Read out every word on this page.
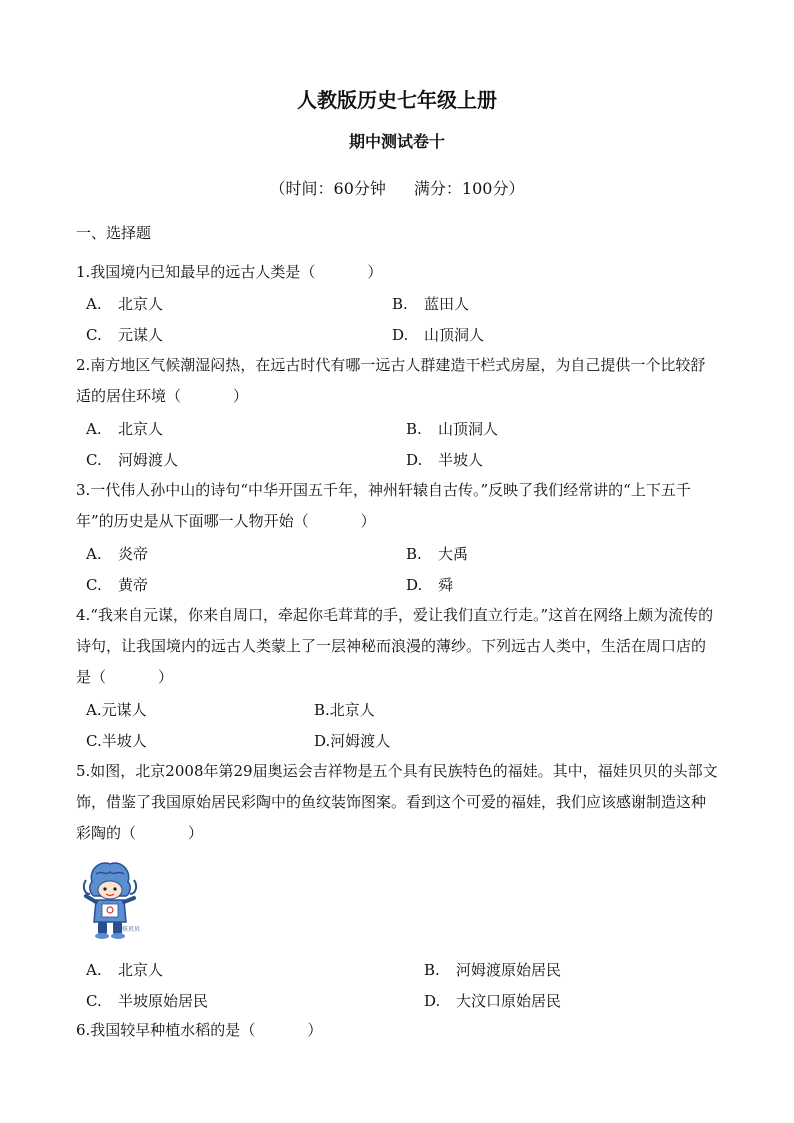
人教版历史七年级上册
期中测试卷十
（时间：60分钟 满分：100分）
一、选择题
1.我国境内已知最早的远古人类是（	）
A. 北京人	B. 蓝田人
C. 元谋人	D. 山顶洞人
2.南方地区气候潮湿闷热，在远古时代有哪一远古人群建造干栏式房屋，为自己提供一个比较舒适的居住环境（	）
A. 北京人	B. 山顶洞人
C. 河姆渡人	D. 半坡人
3.一代伟人孙中山的诗句“中华开国五千年，神州轩辕自古传。”反映了我们经常讲的“上下五千年”的历史是从下面哪一人物开始（	）
A. 炎帝	B. 大禹
C. 黄帝	D. 舜
4.“我来自元谋，你来自周口，牵起你毛茸茸的手，爱让我们直立行走。”这首在网络上颇为流传的诗句，让我国境内的远古人类蒙上了一层神秘而浪漫的薄纱。下列远古人类中，生活在周口店的是（	）
A.元谋人	B.北京人
C.半坡人	D.河姆渡人
5.如图，北京2008年第29届奥运会吉祥物是五个具有民族特色的福娃。其中，福娃贝贝的头部文饰，借鉴了我国原始居民彩陶中的鱼纹装饰图案。看到这个可爱的福娃，我们应该感谢制造这种彩陶的（	）
福娃贝贝
A. 北京人	B. 河姆渡原始居民
C. 半坡原始居民	D. 大汶口原始居民
6.我国较早种植水稻的是（	）
